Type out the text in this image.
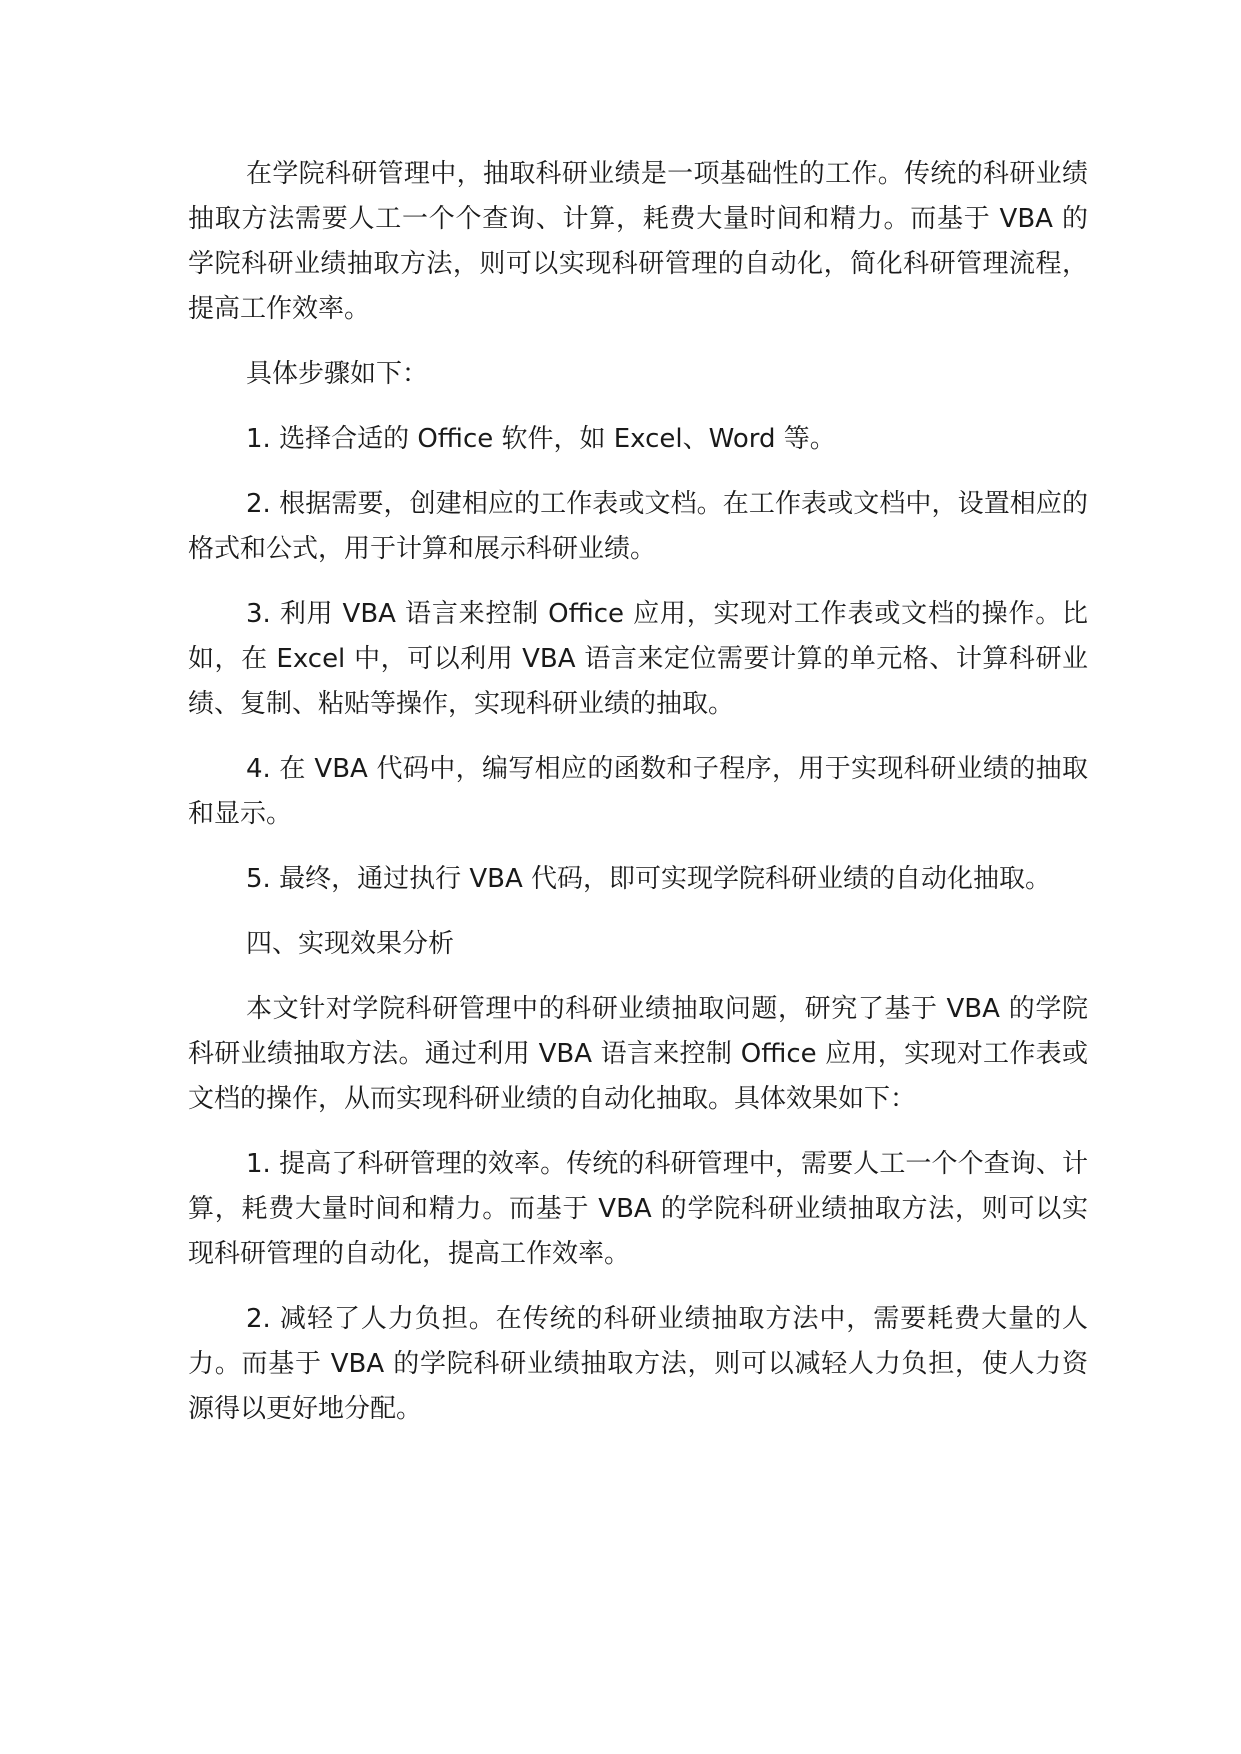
在学院科研管理中，抽取科研业绩是一项基础性的工作。传统的科研业绩抽取方法需要人工一个个查询、计算，耗费大量时间和精力。而基于 VBA 的学院科研业绩抽取方法，则可以实现科研管理的自动化，简化科研管理流程，提高工作效率。

具体步骤如下：

1. 选择合适的 Office 软件，如 Excel、Word 等。

2. 根据需要，创建相应的工作表或文档。在工作表或文档中，设置相应的格式和公式，用于计算和展示科研业绩。

3. 利用 VBA 语言来控制 Office 应用，实现对工作表或文档的操作。比如，在 Excel 中，可以利用 VBA 语言来定位需要计算的单元格、计算科研业绩、复制、粘贴等操作，实现科研业绩的抽取。

4. 在 VBA 代码中，编写相应的函数和子程序，用于实现科研业绩的抽取和显示。

5. 最终，通过执行 VBA 代码，即可实现学院科研业绩的自动化抽取。

四、实现效果分析

本文针对学院科研管理中的科研业绩抽取问题，研究了基于 VBA 的学院科研业绩抽取方法。通过利用 VBA 语言来控制 Office 应用，实现对工作表或文档的操作，从而实现科研业绩的自动化抽取。具体效果如下：

1. 提高了科研管理的效率。传统的科研管理中，需要人工一个个查询、计算，耗费大量时间和精力。而基于 VBA 的学院科研业绩抽取方法，则可以实现科研管理的自动化，提高工作效率。

2. 减轻了人力负担。在传统的科研业绩抽取方法中，需要耗费大量的人力。而基于 VBA 的学院科研业绩抽取方法，则可以减轻人力负担，使人力资源得以更好地分配。
